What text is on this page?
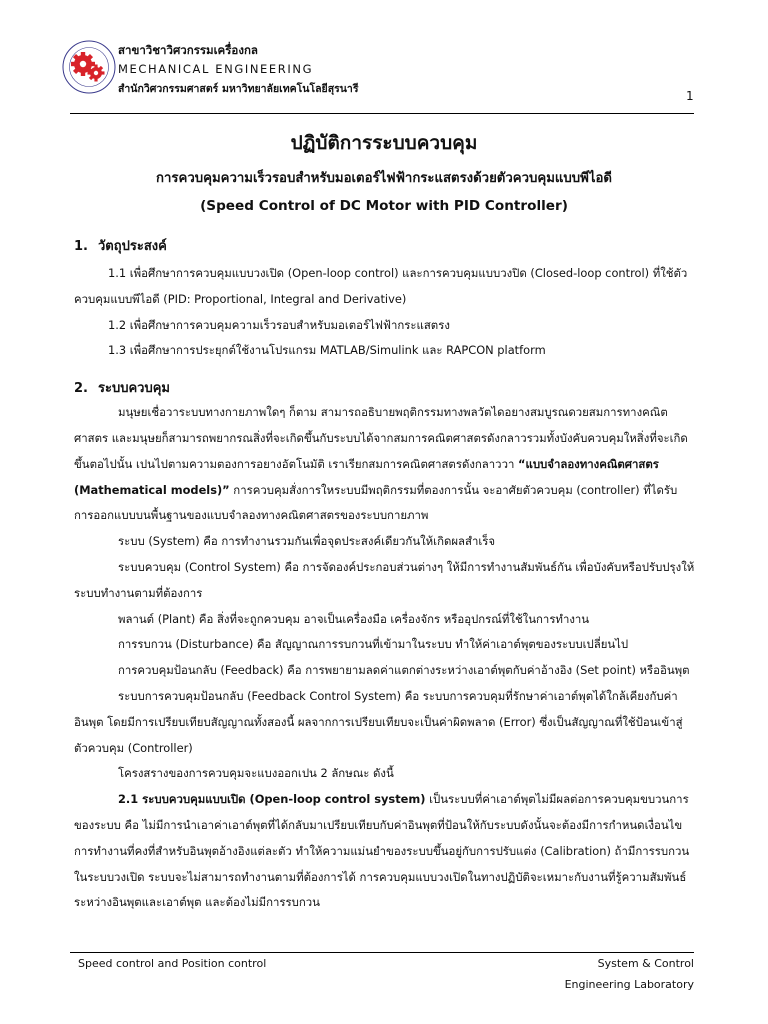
สาขาวิชาวิศวกรรมเครื่องกล
MECHANICAL ENGINEERING
สำนักวิศวกรรมศาสตร์ มหาวิทยาลัยเทคโนโลยีสุรนารี	1
ปฏิบัติการระบบควบคุม
การควบคุมความเร็วรอบสำหรับมอเตอร์ไฟฟ้ากระแสตรงด้วยตัวควบคุมแบบพีไอดี
(Speed Control of DC Motor with PID Controller)
1. วัตถุประสงค์

1.1 เพื่อศึกษาการควบคุมแบบวงเปิด (Open-loop control) และการควบคุมแบบวงปิด (Closed-loop control) ที่ใช้ตัวควบคุมแบบพีไอดี (PID: Proportional, Integral and Derivative)

1.2 เพื่อศึกษาการควบคุมความเร็วรอบสำหรับมอเตอร์ไฟฟ้ากระแสตรง

1.3 เพื่อศึกษาการประยุกต์ใช้งานโปรแกรม MATLAB/Simulink และ RAPCON platform

2. ระบบควบคุม

มนุษยเชื่อวาระบบทางกายภาพใดๆ ก็ตาม สามารถอธิบายพฤติกรรมทางพลวัตไดอยางสมบูรณดวยสมการทางคณิตศาสตร และมนุษยก็สามารถพยากรณสิ่งที่จะเกิดขึ้นกับระบบได้จากสมการคณิตศาสตรดังกลาวรวมทั้งบังคับควบคุมใหสิ่งที่จะเกิดขึ้นตอไปนั้น เปนไปตามความตองการอยางอัตโนมัติ เราเรียกสมการคณิตศาสตรดังกลาววา “แบบจำลองทางคณิตศาสตร (Mathematical models)” การควบคุมสั่งการใหระบบมีพฤติกรรมที่ตองการนั้น จะอาศัยตัวควบคุม (controller) ที่ไดรับการออกแบบบนพื้นฐานของแบบจำลองทางคณิตศาสตรของระบบกายภาพ

ระบบ (System) คือ การทำงานรวมกันเพื่อจุดประสงค์เดียวกันให้เกิดผลสำเร็จ

ระบบควบคุม (Control System) คือ การจัดองค์ประกอบส่วนต่างๆ ให้มีการทำงานสัมพันธ์กัน เพื่อบังคับหรือปรับปรุงให้ระบบทำงานตามที่ต้องการ

พลานต์ (Plant) คือ สิ่งที่จะถูกควบคุม อาจเป็นเครื่องมือ เครื่องจักร หรืออุปกรณ์ที่ใช้ในการทำงาน

การรบกวน (Disturbance) คือ สัญญาณการรบกวนที่เข้ามาในระบบ ทำให้ค่าเอาต์พุตของระบบเปลี่ยนไป

การควบคุมป้อนกลับ (Feedback) คือ การพยายามลดค่าแตกต่างระหว่างเอาต์พุตกับค่าอ้างอิง (Set point) หรืออินพุต

ระบบการควบคุมป้อนกลับ (Feedback Control System) คือ ระบบการควบคุมที่รักษาค่าเอาต์พุตได้ใกล้เคียงกับค่าอินพุต โดยมีการเปรียบเทียบสัญญาณทั้งสองนี้ ผลจากการเปรียบเทียบจะเป็นค่าผิดพลาด (Error) ซึ่งเป็นสัญญาณที่ใช้ป้อนเข้าสู่ตัวควบคุม (Controller)

โครงสรางของการควบคุมจะแบงออกเปน 2 ลักษณะ ดังนี้

2.1 ระบบควบคุมแบบเปิด (Open-loop control system) เป็นระบบที่ค่าเอาต์พุตไม่มีผลต่อการควบคุมขบวนการของระบบ คือ ไม่มีการนำเอาค่าเอาต์พุตที่ได้กลับมาเปรียบเทียบกับค่าอินพุตที่ป้อนให้กับระบบดังนั้นจะต้องมีการกำหนดเงื่อนไขการทำงานที่คงที่สำหรับอินพุตอ้างอิงแต่ละตัว ทำให้ความแม่นยำของระบบขึ้นอยู่กับการปรับแต่ง (Calibration) ถ้ามีการรบกวนในระบบวงเปิด ระบบจะไม่สามารถทำงานตามที่ต้องการได้ การควบคุมแบบวงเปิดในทางปฏิบัติจะเหมาะกับงานที่รู้ความสัมพันธ์ระหว่างอินพุตและเอาต์พุต และต้องไม่มีการรบกวน

Speed control and Position control	System & Control
Engineering Laboratory
